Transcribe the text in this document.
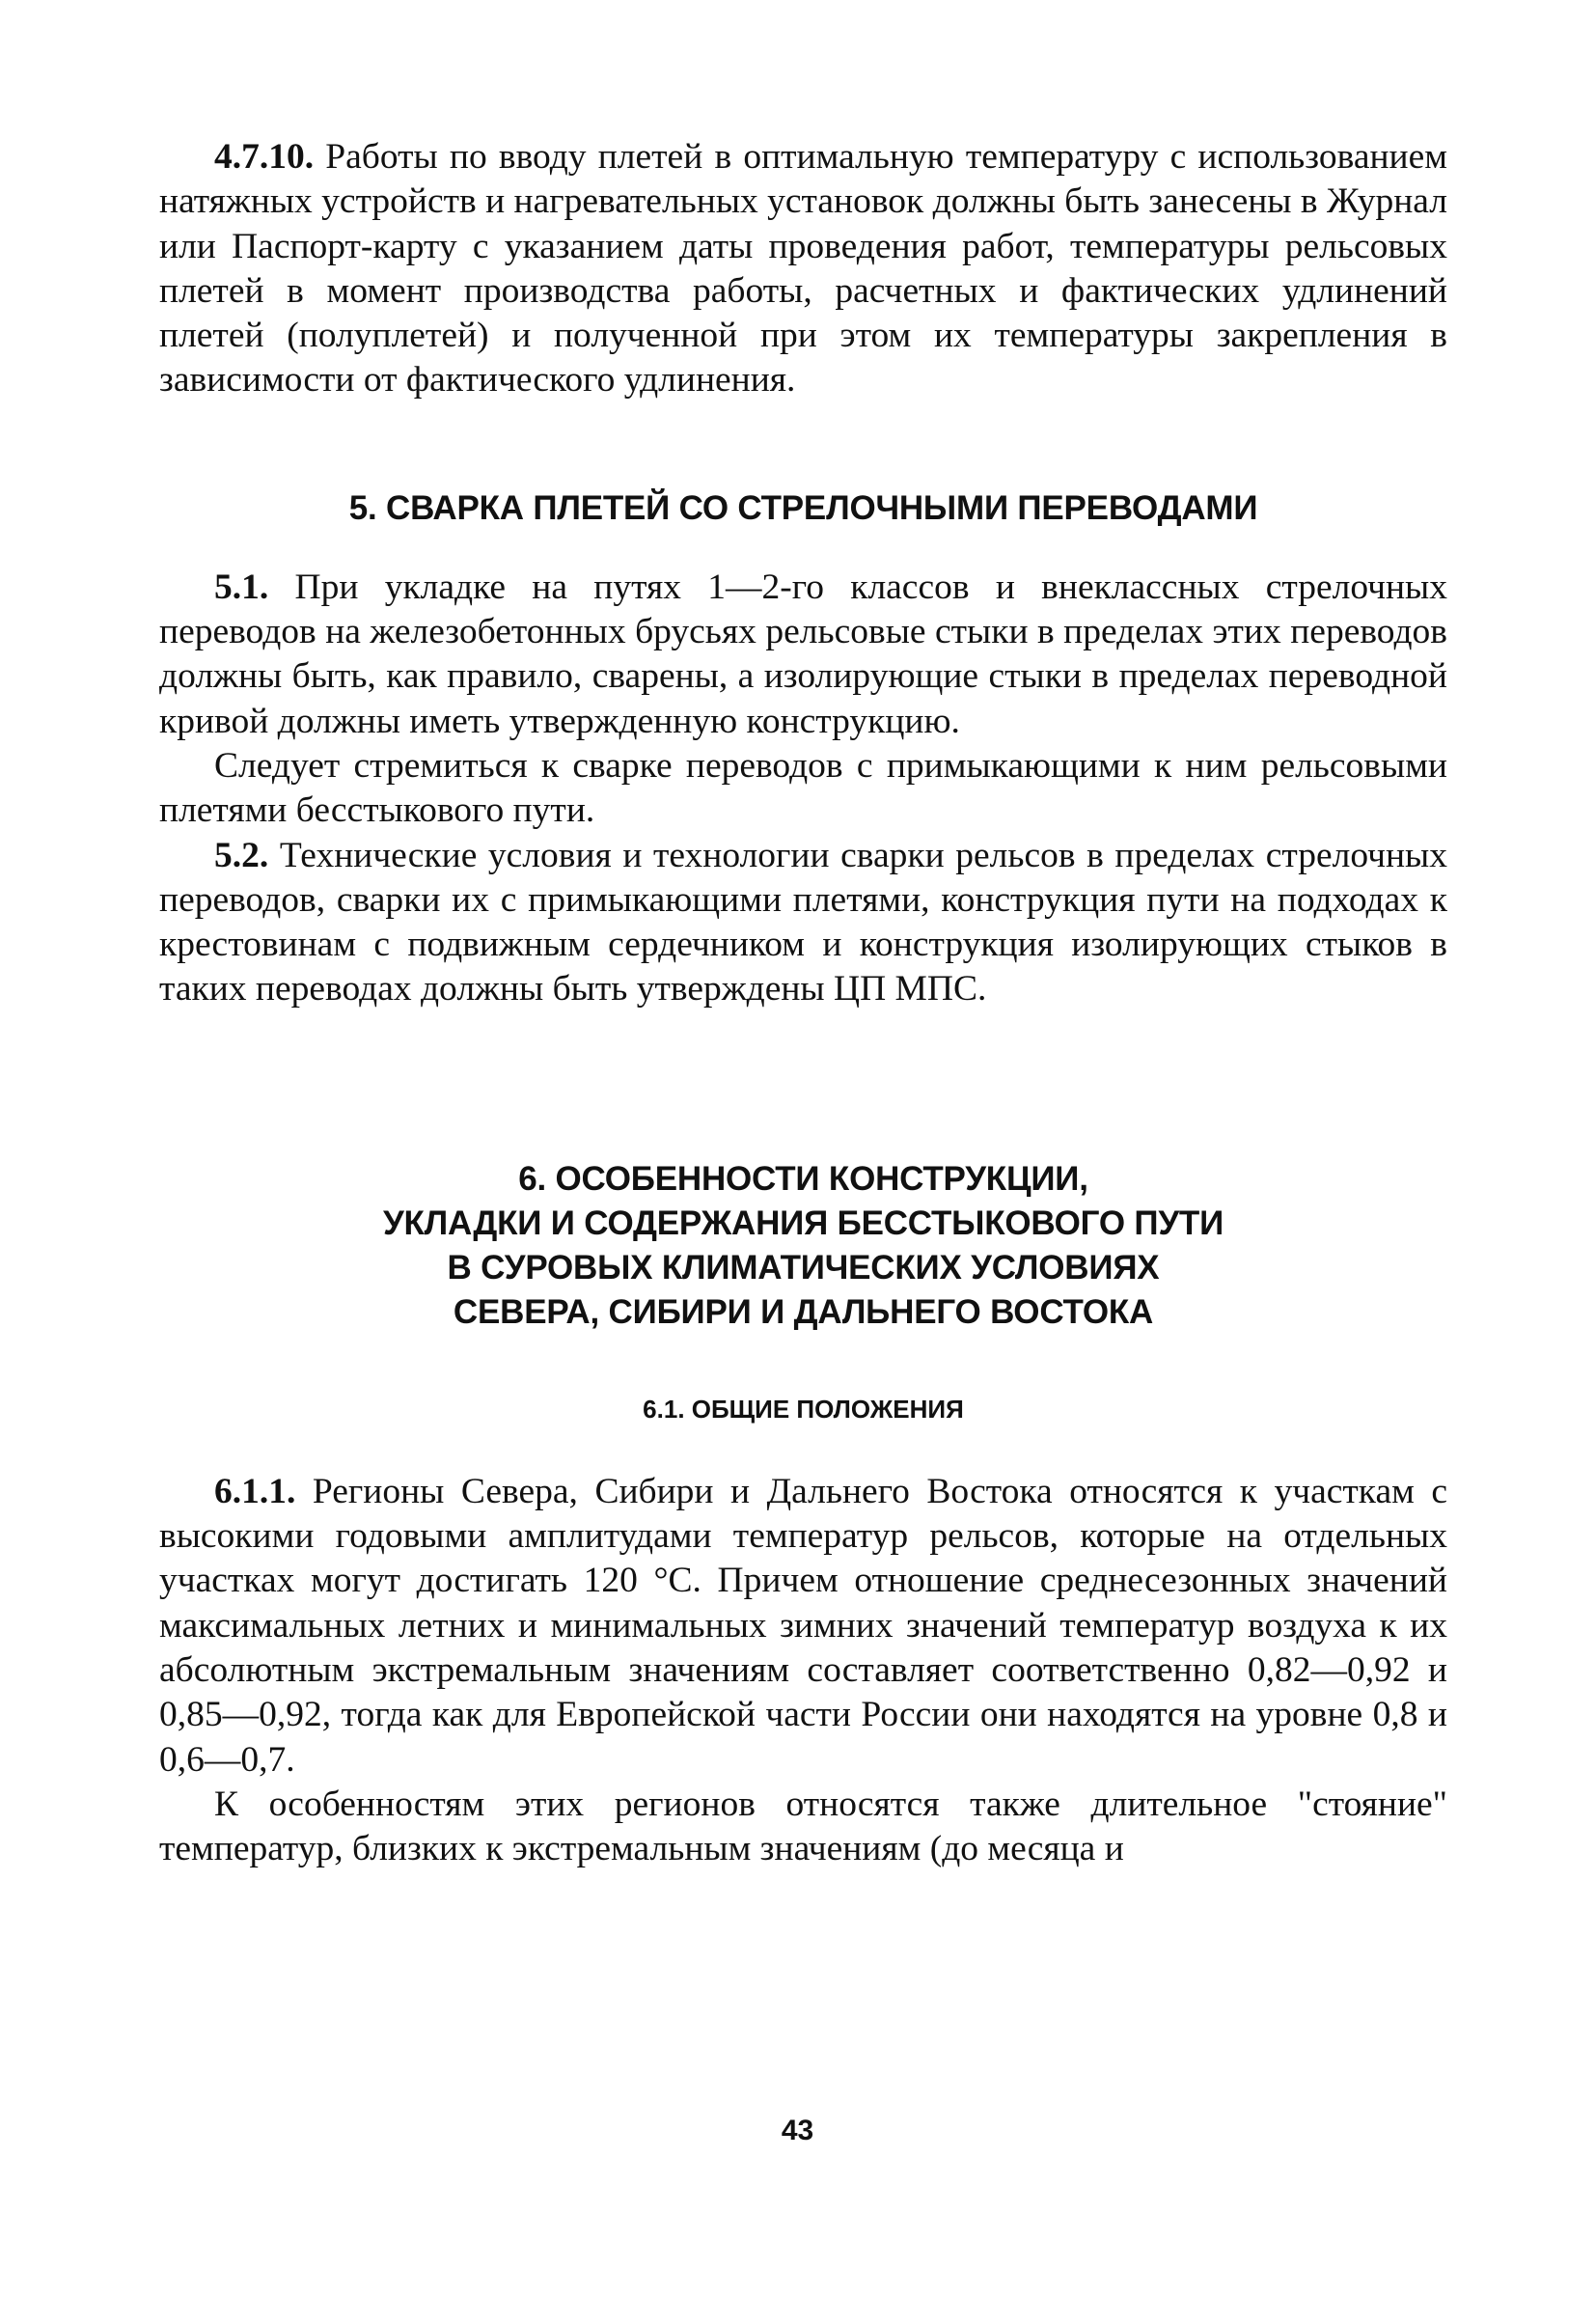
4.7.10. Работы по вводу плетей в оптимальную температуру с использованием натяжных устройств и нагревательных установок должны быть занесены в Журнал или Паспорт-карту с указанием даты проведения работ, температуры рельсовых плетей в момент производства работы, расчетных и фактических удлинений плетей (полуплетей) и полученной при этом их температуры закрепления в зависимости от фактического удлинения.

5. СВАРКА ПЛЕТЕЙ СО СТРЕЛОЧНЫМИ ПЕРЕВОДАМИ

5.1. При укладке на путях 1—2-го классов и внеклассных стрелочных переводов на железобетонных брусьях рельсовые стыки в пределах этих переводов должны быть, как правило, сварены, а изолирующие стыки в пределах переводной кривой должны иметь утвержденную конструкцию.

Следует стремиться к сварке переводов с примыкающими к ним рельсовыми плетями бесстыкового пути.

5.2. Технические условия и технологии сварки рельсов в пределах стрелочных переводов, сварки их с примыкающими плетями, конструкция пути на подходах к крестовинам с подвижным сердечником и конструкция изолирующих стыков в таких переводах должны быть утверждены ЦП МПС.

6. ОСОБЕННОСТИ КОНСТРУКЦИИ,
УКЛАДКИ И СОДЕРЖАНИЯ БЕССТЫКОВОГО ПУТИ
В СУРОВЫХ КЛИМАТИЧЕСКИХ УСЛОВИЯХ
СЕВЕРА, СИБИРИ И ДАЛЬНЕГО ВОСТОКА
6.1. ОБЩИЕ ПОЛОЖЕНИЯ

6.1.1. Регионы Севера, Сибири и Дальнего Востока относятся к участкам с высокими годовыми амплитудами температур рельсов, которые на отдельных участках могут достигать 120 °С. Причем отношение среднесезонных значений максимальных летних и минимальных зимних значений температур воздуха к их абсолютным экстремальным значениям составляет соответственно 0,82—0,92 и 0,85—0,92, тогда как для Европейской части России они находятся на уровне 0,8 и 0,6—0,7.

К особенностям этих регионов относятся также длительное "стояние" температур, близких к экстремальным значениям (до месяца и

43
